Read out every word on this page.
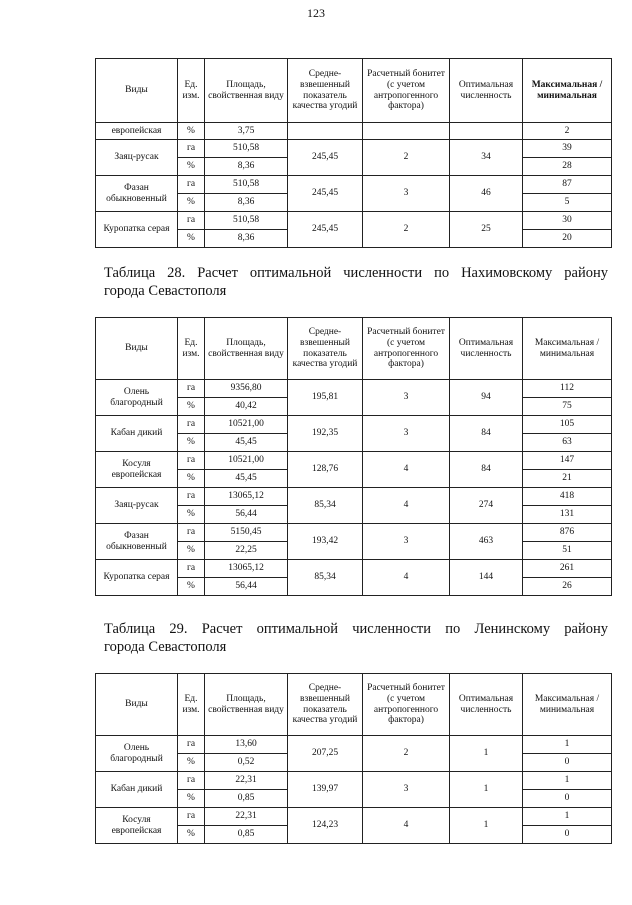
123
Виды	Ед. изм.	Площадь, свойственная виду	Средне-взвешенный показатель качества угодий	Расчетный бонитет (с учетом антропогенного фактора)	Оптимальная численность	Максимальная /минимальная
европейская	%	3,75				2
Заяц-русак	га	510,58	245,45	2	34	39
	%	8,36				28
Фазан обыкновенный	га	510,58	245,45	3	46	87
	%	8,36				5
Куропатка серая	га	510,58	245,45	2	25	30
	%	8,36				20
Таблица 28. Расчет оптимальной численности по Нахимовскому району
города Севастополя
Виды	Ед. изм.	Площадь, свойственная виду	Средне-взвешенный показатель качества угодий	Расчетный бонитет (с учетом антропогенного фактора)	Оптимальная численность	Максимальная /минимальная
Олень благородный	га	9356,80	195,81	3	94	112
	%	40,42				75
Кабан дикий	га	10521,00	192,35	3	84	105
	%	45,45				63
Косуля европейская	га	10521,00	128,76	4	84	147
	%	45,45				21
Заяц-русак	га	13065,12	85,34	4	274	418
	%	56,44				131
Фазан обыкновенный	га	5150,45	193,42	3	463	876
	%	22,25				51
Куропатка серая	га	13065,12	85,34	4	144	261
	%	56,44				26
Таблица 29. Расчет оптимальной численности по Ленинскому району
города Севастополя
Виды	Ед. изм.	Площадь, свойственная виду	Средне-взвешенный показатель качества угодий	Расчетный бонитет (с учетом антропогенного фактора)	Оптимальная численность	Максимальная /минимальная
Олень благородный	га	13,60	207,25	2	1	1
	%	0,52				0
Кабан дикий	га	22,31	139,97	3	1	1
	%	0,85				0
Косуля европейская	га	22,31	124,23	4	1	1
	%	0,85				0
